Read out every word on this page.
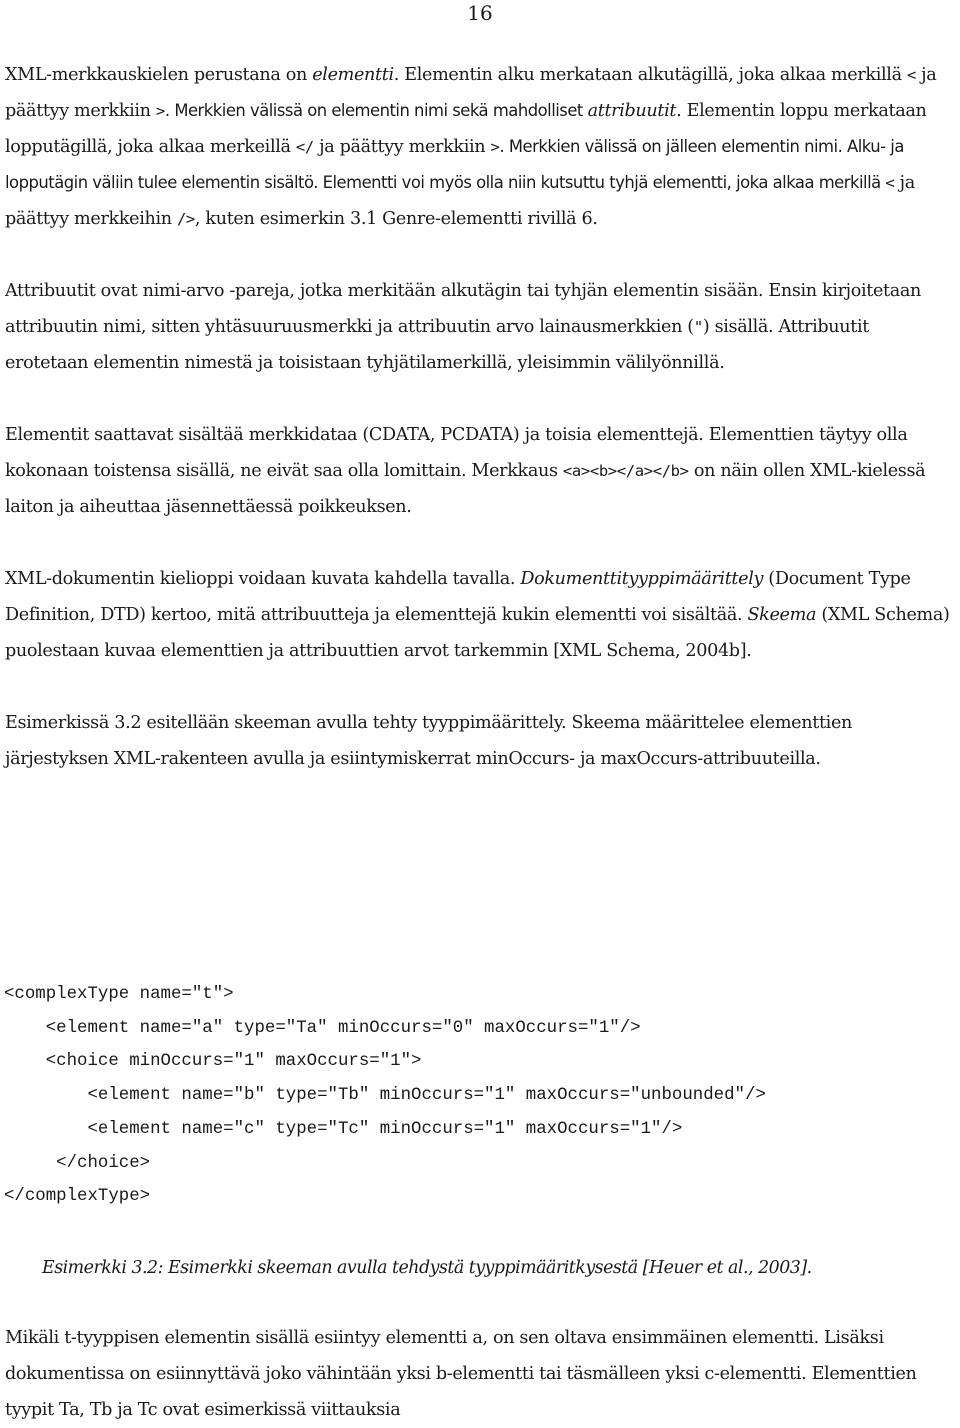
16

XML-merkkauskielen perustana on elementti. Elementin alku merkataan alkutägillä, joka alkaa merkillä < ja päättyy merkkiin >. Merkkien välissä on elementin nimi sekä mahdolliset attribuutit. Elementin loppu merkataan lopputägillä, joka alkaa merkeillä </ ja päättyy merkkiin >. Merkkien välissä on jälleen elementin nimi. Alku- ja lopputägin väliin tulee elementin sisältö. Elementti voi myös olla niin kutsuttu tyhjä elementti, joka alkaa merkillä < ja päättyy merkkeihin />, kuten esimerkin 3.1 Genre-elementti rivillä 6.

Attribuutit ovat nimi-arvo -pareja, jotka merkitään alkutägin tai tyhjän elementin sisään. Ensin kirjoitetaan attribuutin nimi, sitten yhtäsuuruusmerkki ja attribuutin arvo lainausmerkkien (") sisällä. Attribuutit erotetaan elementin nimestä ja toisistaan tyhjätilamerkillä, yleisimmin välilyönnillä.

Elementit saattavat sisältää merkkidataa (CDATA, PCDATA) ja toisia elementtejä. Elementtien täytyy olla kokonaan toistensa sisällä, ne eivät saa olla lomittain. Merkkaus <a><b></a></b> on näin ollen XML-kielessä laiton ja aiheuttaa jäsennettäessä poikkeuksen.

XML-dokumentin kielioppi voidaan kuvata kahdella tavalla. Dokumenttityyppimäärittely (Document Type Definition, DTD) kertoo, mitä attribuutteja ja elementtejä kukin elementti voi sisältää. Skeema (XML Schema) puolestaan kuvaa elementtien ja attribuuttien arvot tarkemmin [XML Schema, 2004b].

Esimerkissä 3.2 esitellään skeeman avulla tehty tyyppimäärittely. Skeema määrittelee elementtien järjestyksen XML-rakenteen avulla ja esiintymiskerrat minOccurs- ja maxOccurs-attribuuteilla.

<complexType name="t">
<element name="a" type="Ta" minOccurs="0" maxOccurs="1"/>
<choice minOccurs="1" maxOccurs="1">
<element name="b" type="Tb" minOccurs="1" maxOccurs="unbounded"/>
<element name="c" type="Tc" minOccurs="1" maxOccurs="1"/>
</choice>
</complexType>
Esimerkki 3.2: Esimerkki skeeman avulla tehdystä tyyppimääritkysestä [Heuer et al., 2003].
Mikäli t-tyyppisen elementin sisällä esiintyy elementti a, on sen oltava ensimmäinen elementti. Lisäksi dokumentissa on esiinnyttävä joko vähintään yksi b-elementti tai täsmälleen yksi c-elementti. Elementtien tyypit Ta, Tb ja Tc ovat esimerkissä viittauksia
